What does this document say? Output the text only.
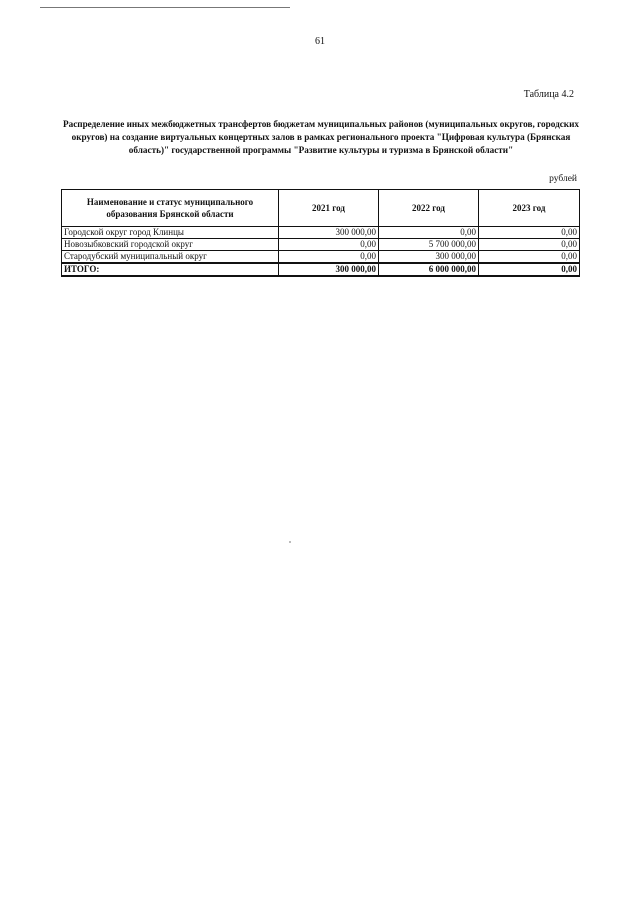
61
Таблица 4.2
Распределение иных межбюджетных трансфертов бюджетам муниципальных районов (муниципальных округов, городских округов) на создание виртуальных концертных залов в рамках регионального проекта "Цифровая культура (Брянская область)" государственной программы "Развитие культуры и туризма в Брянской области"
рублей
Наименование и статус муниципального образования Брянской области	2021 год	2022 год	2023 год
Городской округ город Клинцы	300 000,00	0,00	0,00
Новозыбковский городской округ	0,00	5 700 000,00	0,00
Стародубский муниципальный округ	0,00	300 000,00	0,00
ИТОГО:	300 000,00	6 000 000,00	0,00
